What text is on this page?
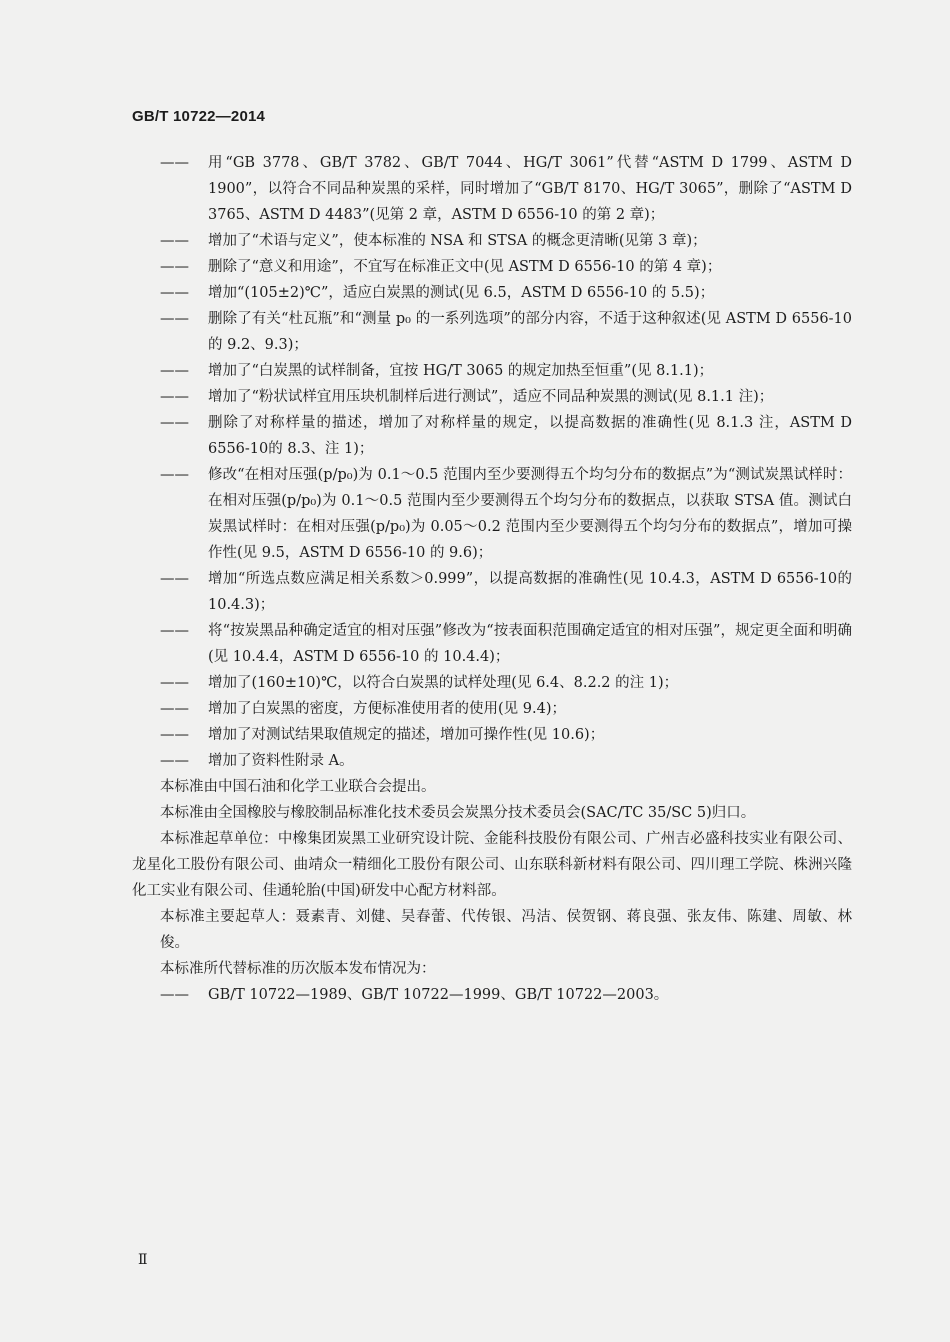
GB/T 10722—2014
——	用“GB 3778、GB/T 3782、GB/T 7044、HG/T 3061”代替“ASTM D 1799、ASTM D 1900”，以符合不同品种炭黑的采样，同时增加了“GB/T 8170、HG/T 3065”，删除了“ASTM D 3765、ASTM D 4483”(见第 2 章，ASTM D 6556-10 的第 2 章)；
——	增加了“术语与定义”，使本标准的 NSA 和 STSA 的概念更清晰(见第 3 章)；
——	删除了“意义和用途”，不宜写在标准正文中(见 ASTM D 6556-10 的第 4 章)；
——	增加“(105±2)℃”，适应白炭黑的测试(见 6.5，ASTM D 6556-10 的 5.5)；
——	删除了有关“杜瓦瓶”和“测量 p₀ 的一系列选项”的部分内容，不适于这种叙述(见 ASTM D 6556-10的 9.2、9.3)；
——	增加了“白炭黑的试样制备，宜按 HG/T 3065 的规定加热至恒重”(见 8.1.1)；
——	增加了“粉状试样宜用压块机制样后进行测试”，适应不同品种炭黑的测试(见 8.1.1 注)；
——	删除了对称样量的描述，增加了对称样量的规定，以提高数据的准确性(见 8.1.3 注，ASTM D 6556-10的 8.3、注 1)；
——	修改“在相对压强(p/p₀)为 0.1～0.5 范围内至少要测得五个均匀分布的数据点”为“测试炭黑试样时：在相对压强(p/p₀)为 0.1～0.5 范围内至少要测得五个均匀分布的数据点，以获取 STSA 值。测试白炭黑试样时：在相对压强(p/p₀)为 0.05～0.2 范围内至少要测得五个均匀分布的数据点”，增加可操作性(见 9.5，ASTM D 6556-10 的 9.6)；
——	增加“所选点数应满足相关系数＞0.999”，以提高数据的准确性(见 10.4.3，ASTM D 6556-10的 10.4.3)；
——	将“按炭黑品种确定适宜的相对压强”修改为“按表面积范围确定适宜的相对压强”，规定更全面和明确(见 10.4.4，ASTM D 6556-10 的 10.4.4)；
——	增加了(160±10)℃，以符合白炭黑的试样处理(见 6.4、8.2.2 的注 1)；
——	增加了白炭黑的密度，方便标准使用者的使用(见 9.4)；
——	增加了对测试结果取值规定的描述，增加可操作性(见 10.6)；
——	增加了资料性附录 A。
本标准由中国石油和化学工业联合会提出。
本标准由全国橡胶与橡胶制品标准化技术委员会炭黑分技术委员会(SAC/TC 35/SC 5)归口。
本标准起草单位：中橡集团炭黑工业研究设计院、金能科技股份有限公司、广州吉必盛科技实业有限公司、龙星化工股份有限公司、曲靖众一精细化工股份有限公司、山东联科新材料有限公司、四川理工学院、株洲兴隆化工实业有限公司、佳通轮胎(中国)研发中心配方材料部。
本标准主要起草人：聂素青、刘健、吴春蕾、代传银、冯洁、侯贺钢、蒋良强、张友伟、陈建、周敏、林俊。
本标准所代替标准的历次版本发布情况为：
——	GB/T 10722—1989、GB/T 10722—1999、GB/T 10722—2003。
Ⅱ
